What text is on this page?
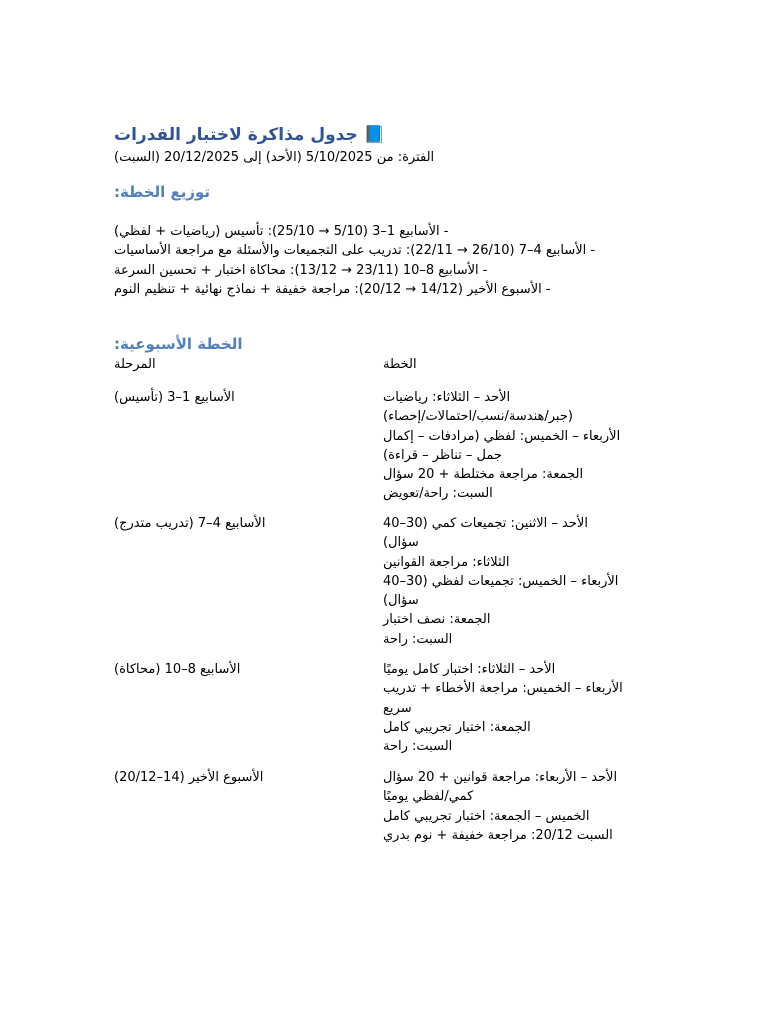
📘 جدول مذاكرة لاختبار القدرات
الفترة: من 5/10/2025 (الأحد) إلى 20/12/2025 (السبت)
توزيع الخطة:
- الأسابيع 1–3 (5/10 → 25/10): تأسيس (رياضيات + لفظي)
- الأسابيع 4–7 (26/10 → 22/11): تدريب على التجميعات والأسئلة مع مراجعة الأساسيات
- الأسابيع 8–10 (23/11 → 13/12): محاكاة اختبار + تحسين السرعة
- الأسبوع الأخير (14/12 → 20/12): مراجعة خفيفة + نماذج نهائية + تنظيم النوم
الخطة الأسبوعية:
المرحلة	الخطة
الأسابيع 1–3 (تأسيس)	الأحد – الثلاثاء: رياضيات
(جبر/هندسة/نسب/احتمالات/إحصاء)
الأربعاء – الخميس: لفظي (مرادفات – إكمال
جمل – تناظر – قراءة)
الجمعة: مراجعة مختلطة + 20 سؤال
السبت: راحة/تعويض
الأسابيع 4–7 (تدريب متدرج)	الأحد – الاثنين: تجميعات كمي (30–40
سؤال)
الثلاثاء: مراجعة القوانين
الأربعاء – الخميس: تجميعات لفظي (30–40
سؤال)
الجمعة: نصف اختبار
السبت: راحة
الأسابيع 8–10 (محاكاة)	الأحد – الثلاثاء: اختبار كامل يوميًا
الأربعاء – الخميس: مراجعة الأخطاء + تدريب
سريع
الجمعة: اختبار تجريبي كامل
السبت: راحة
الأسبوع الأخير (14–20/12)	الأحد – الأربعاء: مراجعة قوانين + 20 سؤال
كمي/لفظي يوميًا
الخميس – الجمعة: اختبار تجريبي كامل
السبت 20/12: مراجعة خفيفة + نوم بدري
